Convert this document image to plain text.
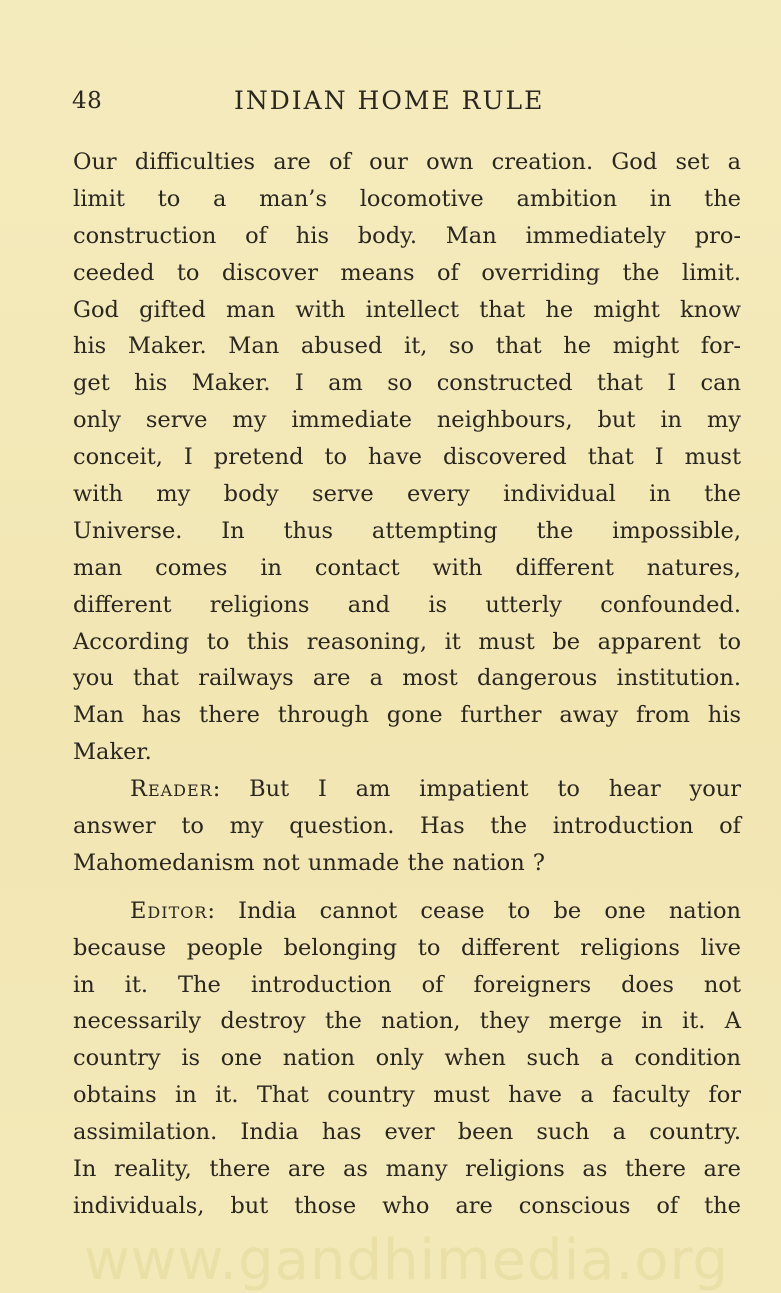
48	INDIAN HOME RULE
Our difficulties are of our own creation. God set a
limit to a man’s locomotive ambition in the
construction of his body. Man immediately pro-
ceeded to discover means of overriding the limit.
God gifted man with intellect that he might know
his Maker. Man abused it, so that he might for-
get his Maker. I am so constructed that I can
only serve my immediate neighbours, but in my
conceit, I pretend to have discovered that I must
with my body serve every individual in the
Universe. In thus attempting the impossible,
man comes in contact with different natures,
different religions and is utterly confounded.
According to this reasoning, it must be apparent to
you that railways are a most dangerous institution.
Man has there through gone further away from his
Maker.
Reader: But I am impatient to hear your
answer to my question. Has the introduction of
Mahomedanism not unmade the nation ?
Editor: India cannot cease to be one nation
because people belonging to different religions live
in it. The introduction of foreigners does not
necessarily destroy the nation, they merge in it. A
country is one nation only when such a condition
obtains in it. That country must have a faculty for
assimilation. India has ever been such a country.
In reality, there are as many religions as there are
individuals, but those who are conscious of the
www.gandhimedia.org
